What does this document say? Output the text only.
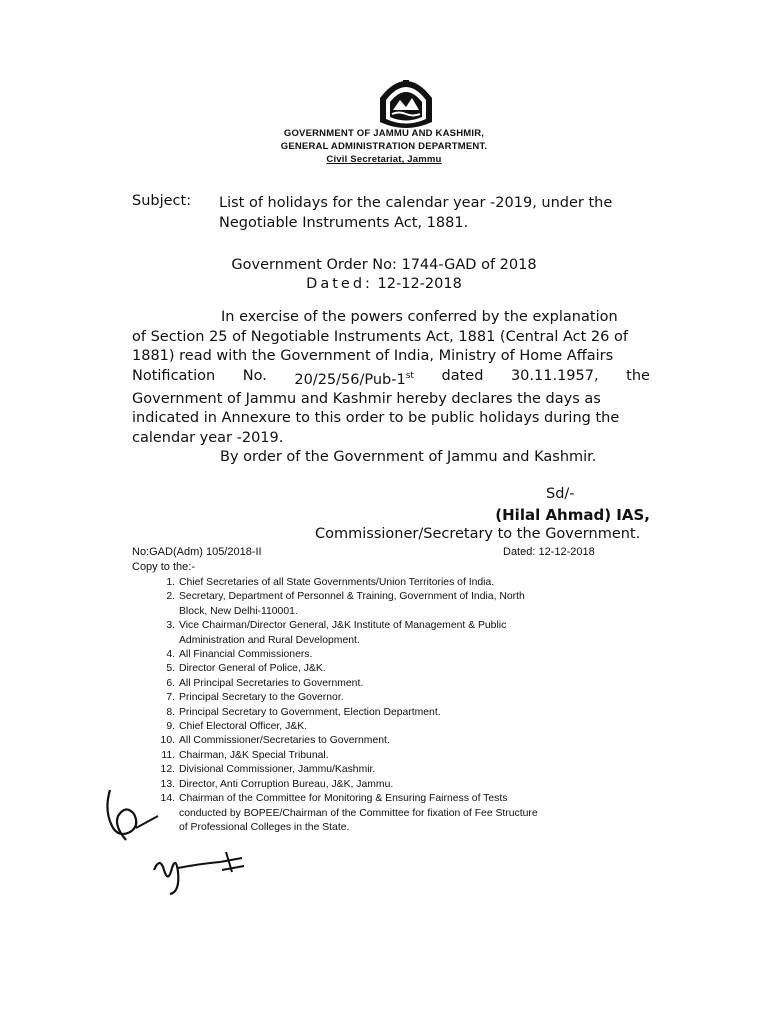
GOVERNMENT OF JAMMU AND KASHMIR,
GENERAL ADMINISTRATION DEPARTMENT.
Civil Secretariat, Jammu
Subject: List of holidays for the calendar year -2019, under the Negotiable Instruments Act, 1881.
Government Order No: 1744-GAD of 2018
Dated: 12-12-2018
In exercise of the powers conferred by the explanation
of Section 25 of Negotiable Instruments Act, 1881 (Central Act 26 of
1881) read with the Government of India, Ministry of Home Affairs
Notification No. 20/25/56/Pub-1st dated 30.11.1957, the
Government of Jammu and Kashmir hereby declares the days as
indicated in Annexure to this order to be public holidays during the
calendar year -2019.
By order of the Government of Jammu and Kashmir.
Sd/-
(Hilal Ahmad) IAS,
Commissioner/Secretary to the Government.
No:GAD(Adm) 105/2018-II	Dated: 12-12-2018
Copy to the:-
1. Chief Secretaries of all State Governments/Union Territories of India.
2. Secretary, Department of Personnel & Training, Government of India, North
Block, New Delhi-110001.
3. Vice Chairman/Director General, J&K Institute of Management & Public
Administration and Rural Development.
4. All Financial Commissioners.
5. Director General of Police, J&K.
6. All Principal Secretaries to Government.
7. Principal Secretary to the Governor.
8. Principal Secretary to Government, Election Department.
9. Chief Electoral Officer, J&K.
10. All Commissioner/Secretaries to Government.
11. Chairman, J&K Special Tribunal.
12. Divisional Commissioner, Jammu/Kashmir.
13. Director, Anti Corruption Bureau, J&K, Jammu.
14. Chairman of the Committee for Monitoring & Ensuring Fairness of Tests
conducted by BOPEE/Chairman of the Committee for fixation of Fee Structure
of Professional Colleges in the State.
